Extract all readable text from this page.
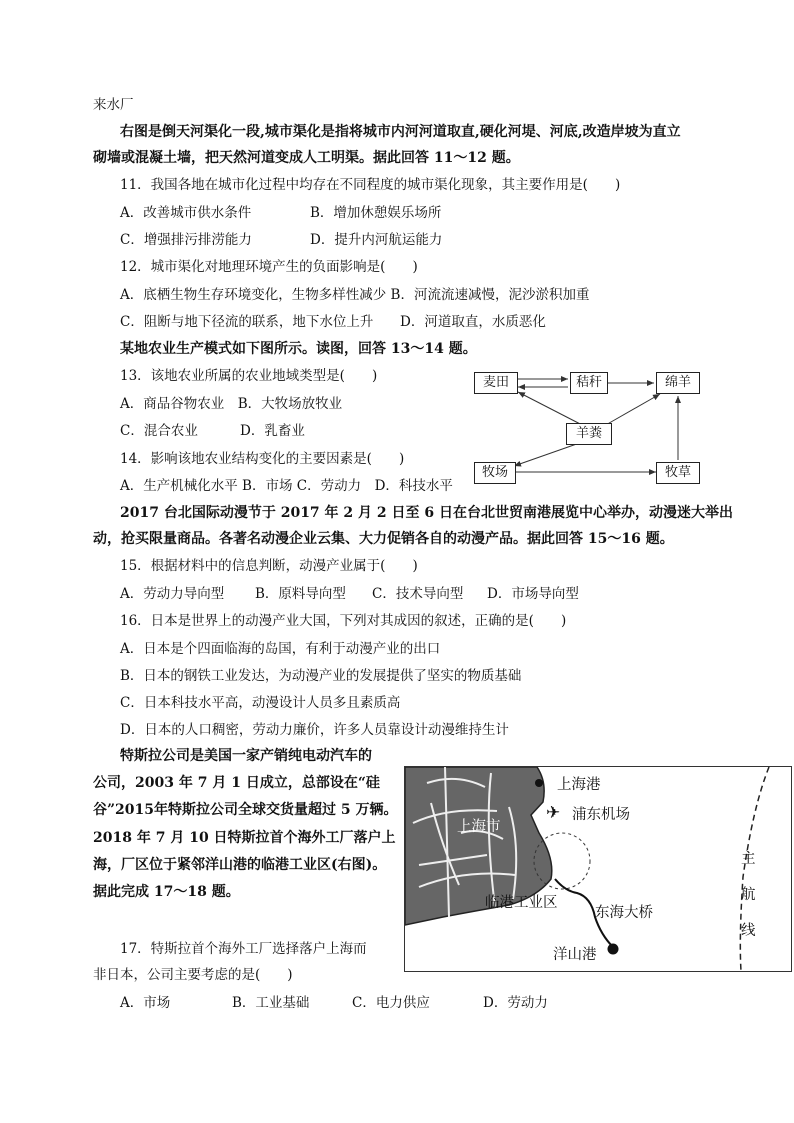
来水厂
右图是倒天河渠化一段,城市渠化是指将城市内河河道取直,硬化河堤、河底,改造岸坡为直立
砌墙或混凝土墙，把天然河道变成人工明渠。据此回答 11～12 题。
11．我国各地在城市化过程中均存在不同程度的城市渠化现象，其主要作用是(　　)
A．改善城市供水条件	B．增加休憩娱乐场所
C．增强排污排涝能力	D．提升内河航运能力
12．城市渠化对地理环境产生的负面影响是(　　)
A．底栖生物生存环境变化，生物多样性减少 B．河流流速减慢，泥沙淤积加重
C．阻断与地下径流的联系，地下水位上升 D．河道取直，水质恶化
某地农业生产模式如下图所示。读图，回答 13～14 题。
13．该地农业所属的农业地域类型是(　　)
A．商品谷物农业　B．大牧场放牧业
C．混合农业	D．乳畜业
14．影响该地农业结构变化的主要因素是(　　)
A．生产机械化水平 B．市场 C．劳动力　D．科技水平
麦田	秸秆	绵羊
羊粪
牧场	牧草
2017 台北国际动漫节于 2017 年 2 月 2 日至 6 日在台北世贸南港展览中心举办，动漫迷大举出
动，抢买限量商品。各著名动漫企业云集、大力促销各自的动漫产品。据此回答 15～16 题。
15．根据材料中的信息判断，动漫产业属于(　　)
A．劳动力导向型 B．原料导向型 C．技术导向型 D．市场导向型
16．日本是世界上的动漫产业大国，下列对其成因的叙述，正确的是(　　)
A．日本是个四面临海的岛国，有利于动漫产业的出口
B．日本的钢铁工业发达，为动漫产业的发展提供了坚实的物质基础
C．日本科技水平高，动漫设计人员多且素质高
D．日本的人口稠密，劳动力廉价，许多人员靠设计动漫维持生计
特斯拉公司是美国一家产销纯电动汽车的
公司，2003 年 7 月 1 日成立，总部设在“硅
谷”2015年特斯拉公司全球交货量超过 5 万辆。
2018 年 7 月 10 日特斯拉首个海外工厂落户上
海，厂区位于紧邻洋山港的临港工业区(右图)。
据此完成 17～18 题。
17．特斯拉首个海外工厂选择落户上海而
非日本，公司主要考虑的是(　　)
A．市场	B．工业基础	C．电力供应	D．劳动力
✈
上海港
浦东机场
上海市
临港工业区
东海大桥
洋山港
主
航
线
